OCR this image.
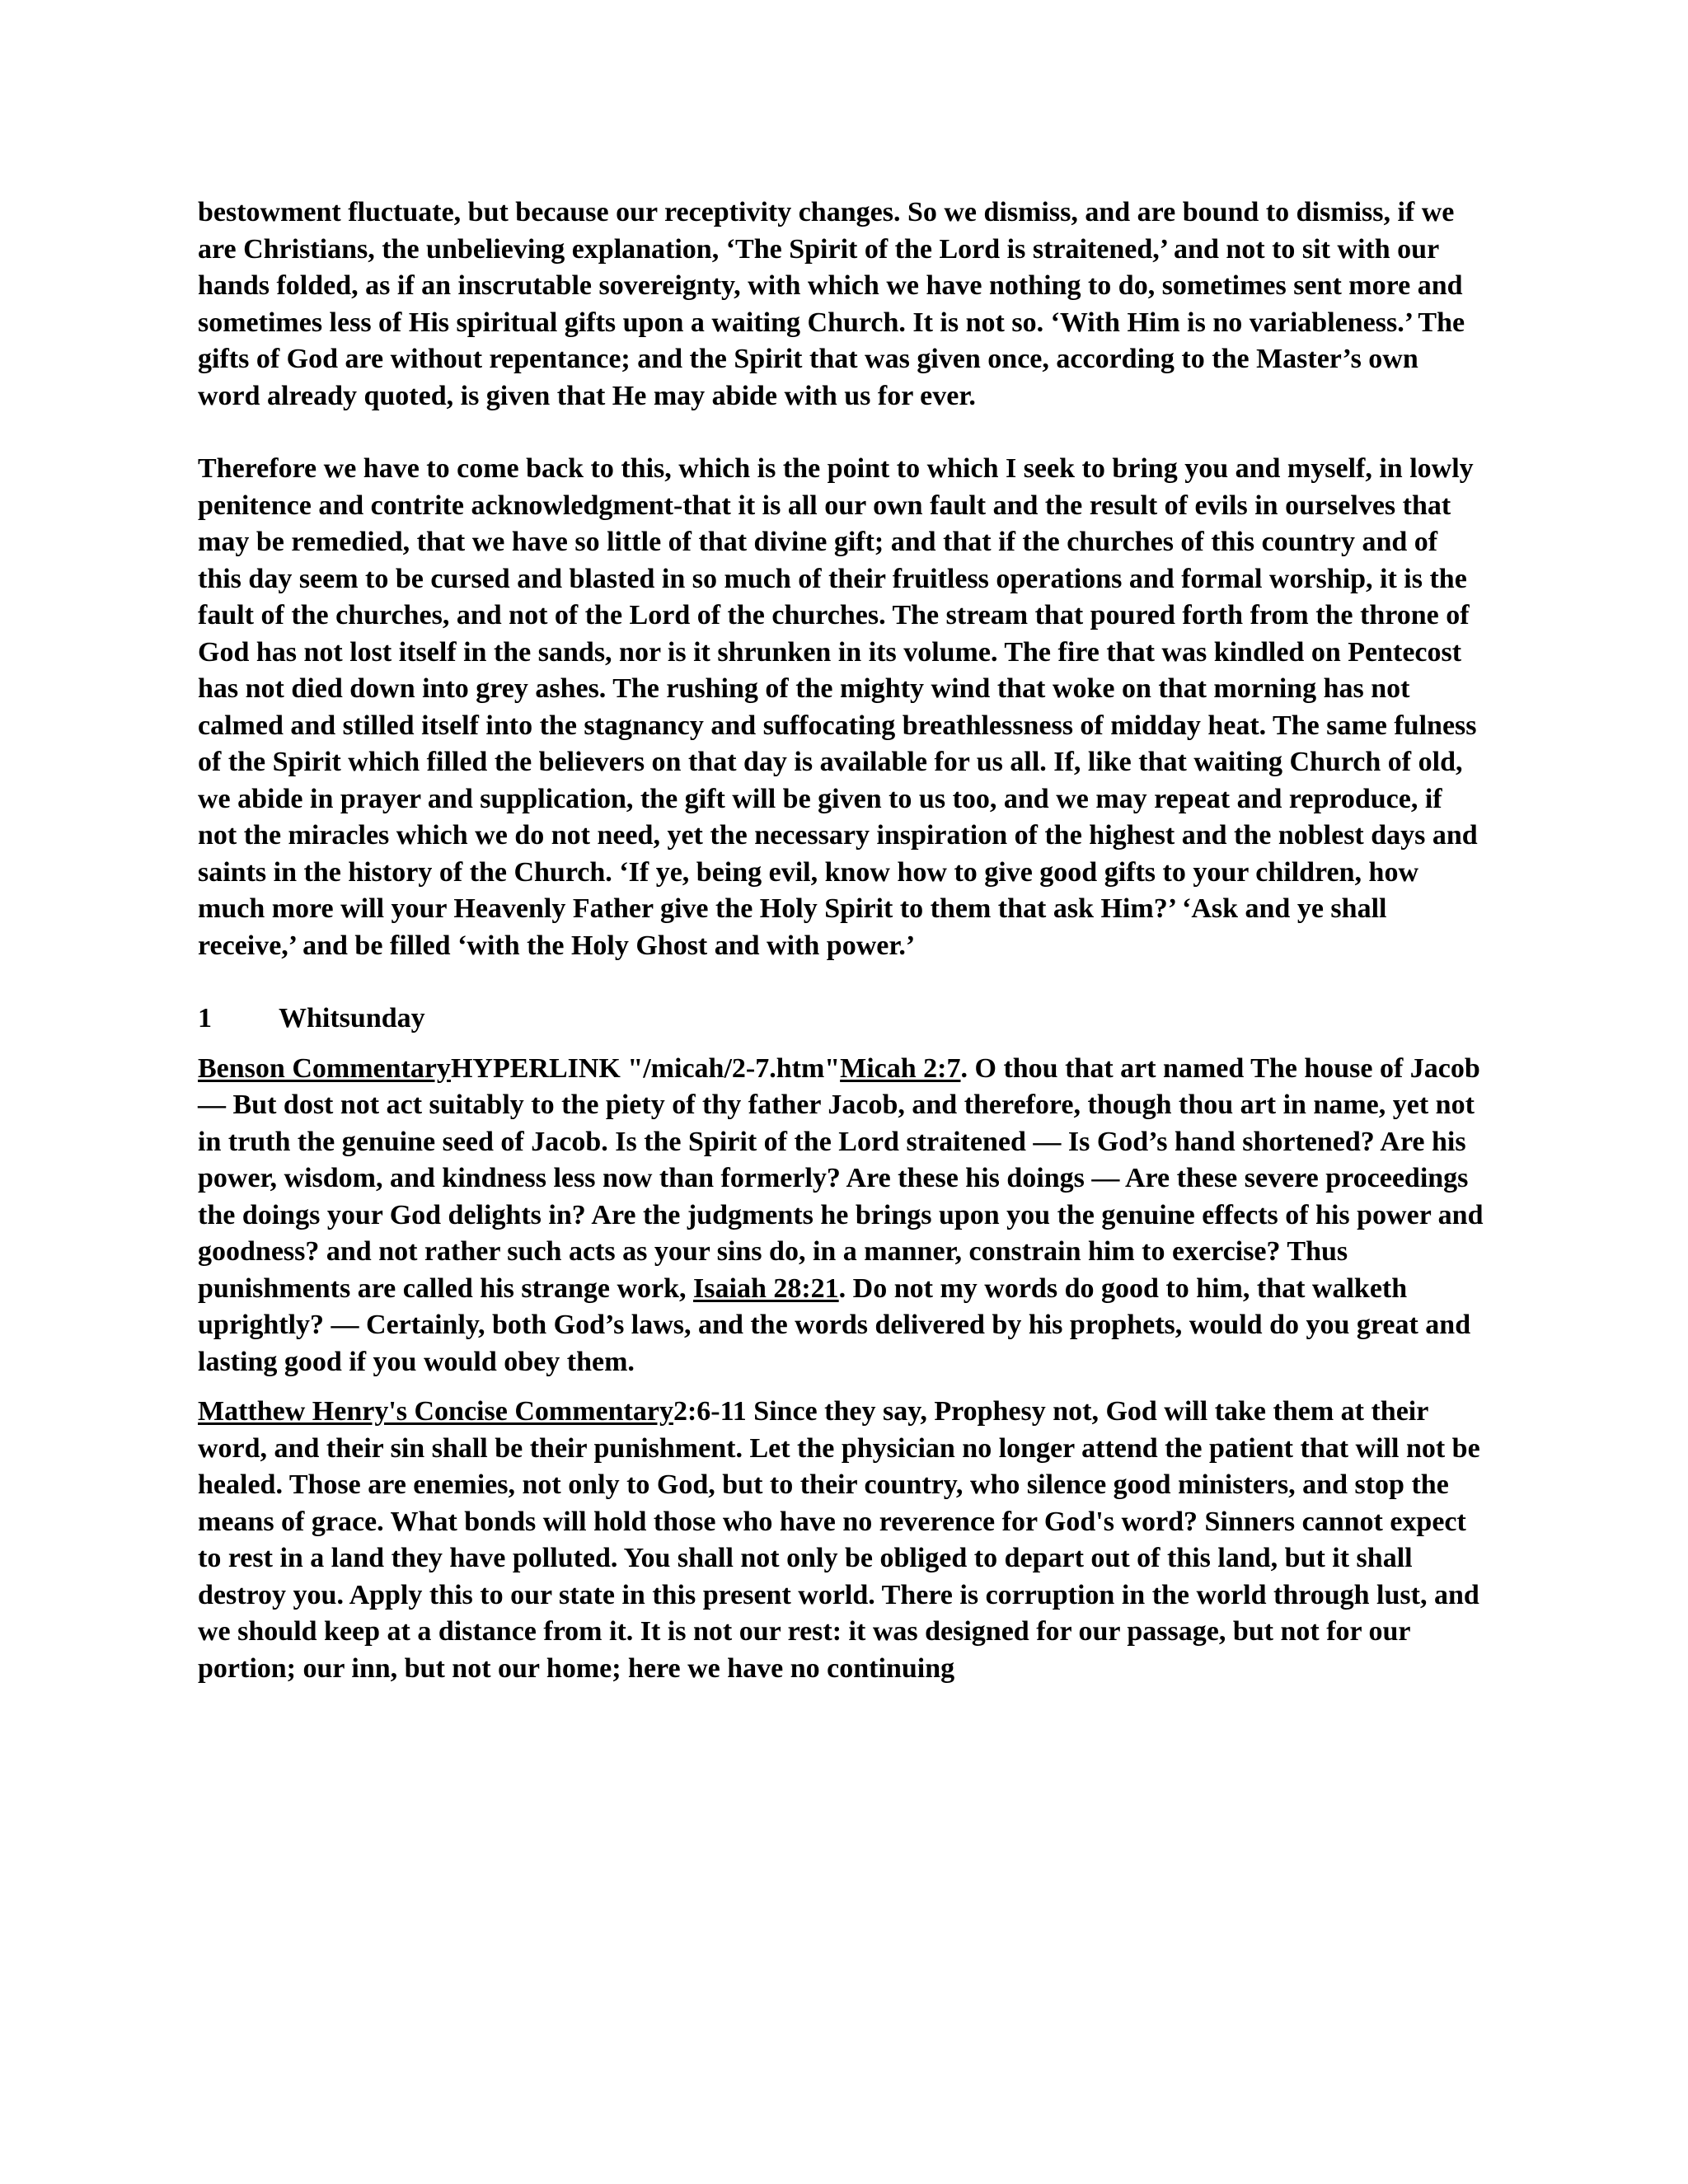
bestowment fluctuate, but because our receptivity changes. So we dismiss, and are bound to dismiss, if we are Christians, the unbelieving explanation, ‘The Spirit of the Lord is straitened,’ and not to sit with our hands folded, as if an inscrutable sovereignty, with which we have nothing to do, sometimes sent more and sometimes less of His spiritual gifts upon a waiting Church. It is not so. ‘With Him is no variableness.’ The gifts of God are without repentance; and the Spirit that was given once, according to the Master’s own word already quoted, is given that He may abide with us for ever.

Therefore we have to come back to this, which is the point to which I seek to bring you and myself, in lowly penitence and contrite acknowledgment-that it is all our own fault and the result of evils in ourselves that may be remedied, that we have so little of that divine gift; and that if the churches of this country and of this day seem to be cursed and blasted in so much of their fruitless operations and formal worship, it is the fault of the churches, and not of the Lord of the churches. The stream that poured forth from the throne of God has not lost itself in the sands, nor is it shrunken in its volume. The fire that was kindled on Pentecost has not died down into grey ashes. The rushing of the mighty wind that woke on that morning has not calmed and stilled itself into the stagnancy and suffocating breathlessness of midday heat. The same fulness of the Spirit which filled the believers on that day is available for us all. If, like that waiting Church of old, we abide in prayer and supplication, the gift will be given to us too, and we may repeat and reproduce, if not the miracles which we do not need, yet the necessary inspiration of the highest and the noblest days and saints in the history of the Church. ‘If ye, being evil, know how to give good gifts to your children, how much more will your Heavenly Father give the Holy Spirit to them that ask Him?’ ‘Ask and ye shall receive,’ and be filled ‘with the Holy Ghost and with power.’

1	Whitsunday

Benson CommentaryHYPERLINK "/micah/2-7.htm"Micah 2:7. O thou that art named The house of Jacob — But dost not act suitably to the piety of thy father Jacob, and therefore, though thou art in name, yet not in truth the genuine seed of Jacob. Is the Spirit of the Lord straitened — Is God’s hand shortened? Are his power, wisdom, and kindness less now than formerly? Are these his doings — Are these severe proceedings the doings your God delights in? Are the judgments he brings upon you the genuine effects of his power and goodness? and not rather such acts as your sins do, in a manner, constrain him to exercise? Thus punishments are called his strange work, Isaiah 28:21. Do not my words do good to him, that walketh uprightly? — Certainly, both God’s laws, and the words delivered by his prophets, would do you great and lasting good if you would obey them.

Matthew Henry's Concise Commentary2:6-11 Since they say, Prophesy not, God will take them at their word, and their sin shall be their punishment. Let the physician no longer attend the patient that will not be healed. Those are enemies, not only to God, but to their country, who silence good ministers, and stop the means of grace. What bonds will hold those who have no reverence for God's word? Sinners cannot expect to rest in a land they have polluted. You shall not only be obliged to depart out of this land, but it shall destroy you. Apply this to our state in this present world. There is corruption in the world through lust, and we should keep at a distance from it. It is not our rest: it was designed for our passage, but not for our portion; our inn, but not our home; here we have no continuing
